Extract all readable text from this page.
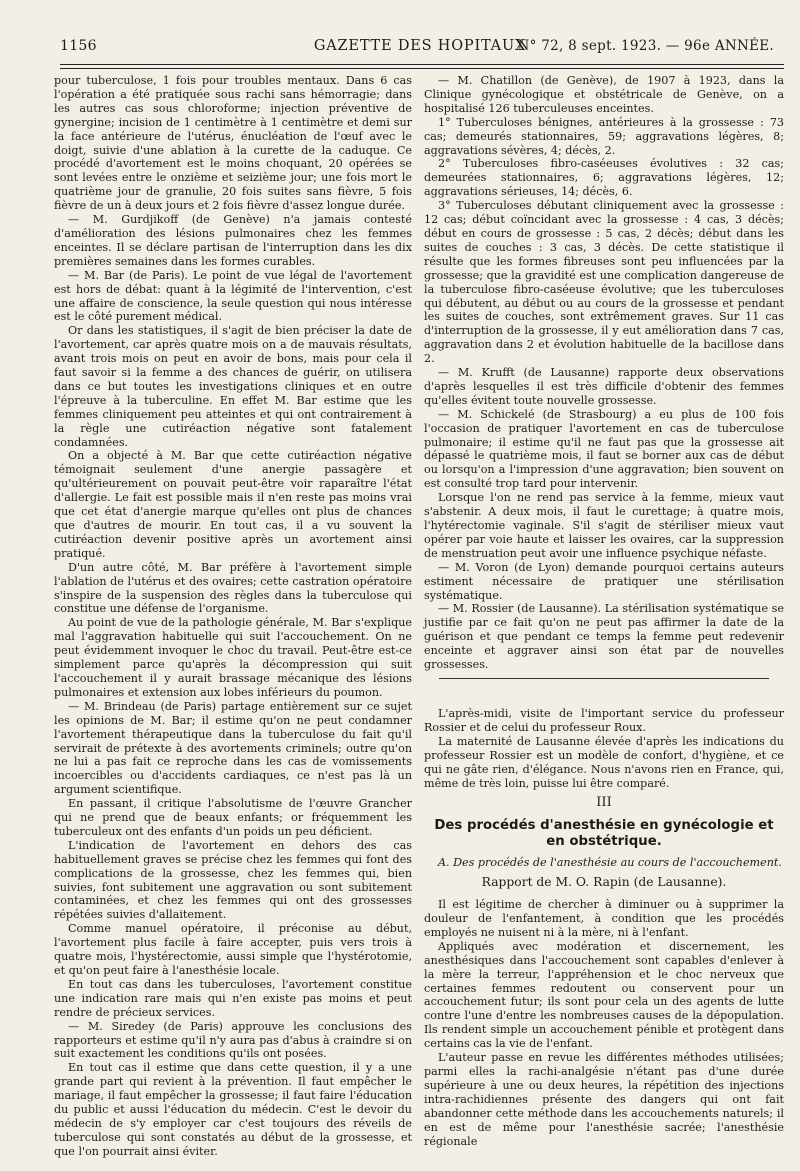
1156	GAZETTE DES HOPITAUX
N° 72, 8 sept. 1923. — 96e ANNÉE.

pour tuberculose, 1 fois pour troubles mentaux. Dans 6 cas l'opération a été pratiquée sous rachi sans hémorragie; dans les autres cas sous chloroforme; injection préventive de gynergine; incision de 1 centimètre à 1 centimètre et demi sur la face antérieure de l'utérus, énucléation de l'œuf avec le doigt, suivie d'une ablation à la curette de la caduque. Ce procédé d'avortement est le moins choquant, 20 opérées se sont levées entre le onzième et seizième jour; une fois mort le quatrième jour de granulie, 20 fois suites sans fièvre, 5 fois fièvre de un à deux jours et 2 fois fièvre d'assez longue durée.

— M. Gurdjikoff (de Genève) n'a jamais contesté d'amélioration des lésions pulmonaires chez les femmes enceintes. Il se déclare partisan de l'interruption dans les dix premières semaines dans les formes curables.

— M. Bar (de Paris). Le point de vue légal de l'avortement est hors de débat: quant à la légimité de l'intervention, c'est une affaire de conscience, la seule question qui nous intéresse est le côté purement médical.

Or dans les statistiques, il s'agit de bien préciser la date de l'avortement, car après quatre mois on a de mauvais résultats, avant trois mois on peut en avoir de bons, mais pour cela il faut savoir si la femme a des chances de guérir, on utilisera dans ce but toutes les investigations cliniques et en outre l'épreuve à la tuberculine. En effet M. Bar estime que les femmes cliniquement peu atteintes et qui ont contrairement à la règle une cutiréaction négative sont fatalement condamnées.

On a objecté à M. Bar que cette cutiréaction négative témoignait seulement d'une anergie passagère et qu'ultérieurement on pouvait peut-être voir raparaître l'état d'allergie. Le fait est possible mais il n'en reste pas moins vrai que cet état d'anergie marque qu'elles ont plus de chances que d'autres de mourir. En tout cas, il a vu souvent la cutiréaction devenir positive après un avortement ainsi pratiqué.

D'un autre côté, M. Bar préfère à l'avortement simple l'ablation de l'utérus et des ovaires; cette castration opératoire s'inspire de la suspension des règles dans la tuberculose qui constitue une défense de l'organisme.

Au point de vue de la pathologie générale, M. Bar s'explique mal l'aggravation habituelle qui suit l'accouchement. On ne peut évidemment invoquer le choc du travail. Peut-être est-ce simplement parce qu'après la décompression qui suit l'accouchement il y aurait brassage mécanique des lésions pulmonaires et extension aux lobes inférieurs du poumon.

— M. Brindeau (de Paris) partage entièrement sur ce sujet les opinions de M. Bar; il estime qu'on ne peut condamner l'avortement thérapeutique dans la tuberculose du fait qu'il servirait de prétexte à des avortements criminels; outre qu'on ne lui a pas fait ce reproche dans les cas de vomissements incoercibles ou d'accidents cardiaques, ce n'est pas là un argument scientifique.

En passant, il critique l'absolutisme de l'œuvre Grancher qui ne prend que de beaux enfants; or fréquemment les tuberculeux ont des enfants d'un poids un peu déficient.

L'indication de l'avortement en dehors des cas habituellement graves se précise chez les femmes qui font des complications de la grossesse, chez les femmes qui, bien suivies, font subitement une aggravation ou sont subitement contaminées, et chez les femmes qui ont des grossesses répétées suivies d'allaitement.

Comme manuel opératoire, il préconise au début, l'avortement plus facile à faire accepter, puis vers trois à quatre mois, l'hystérectomie, aussi simple que l'hystérotomie, et qu'on peut faire à l'anesthésie locale.

En tout cas dans les tuberculoses, l'avortement constitue une indication rare mais qui n'en existe pas moins et peut rendre de précieux services.

— M. Siredey (de Paris) approuve les conclusions des rapporteurs et estime qu'il n'y aura pas d'abus à craindre si on suit exactement les conditions qu'ils ont posées.

En tout cas il estime que dans cette question, il y a une grande part qui revient à la prévention. Il faut empêcher le mariage, il faut empêcher la grossesse; il faut faire l'éducation du public et aussi l'éducation du médecin. C'est le devoir du médecin de s'y employer car c'est toujours des réveils de tuberculose qui sont constatés au début de la grossesse, et que l'on pourrait ainsi éviter.

— M. Chatillon (de Genève), de 1907 à 1923, dans la Clinique gynécologique et obstétricale de Genève, on a hospitalisé 126 tuberculeuses enceintes.

1° Tuberculoses bénignes, antérieures à la grossesse : 73 cas; demeurés stationnaires, 59; aggravations légères, 8; aggravations sévères, 4; décès, 2.

2° Tuberculoses fibro-caséeuses évolutives : 32 cas; demeurées stationnaires, 6; aggravations légères, 12; aggravations sérieuses, 14; décès, 6.

3° Tuberculoses débutant cliniquement avec la grossesse : 12 cas; début coïncidant avec la grossesse : 4 cas, 3 décès; début en cours de grossesse : 5 cas, 2 décès; début dans les suites de couches : 3 cas, 3 décès. De cette statistique il résulte que les formes fibreuses sont peu influencées par la grossesse; que la gravidité est une complication dangereuse de la tuberculose fibro-caséeuse évolutive; que les tuberculoses qui débutent, au début ou au cours de la grossesse et pendant les suites de couches, sont extrêmement graves. Sur 11 cas d'interruption de la grossesse, il y eut amélioration dans 7 cas, aggravation dans 2 et évolution habituelle de la bacillose dans 2.

— M. Krufft (de Lausanne) rapporte deux observations d'après lesquelles il est très difficile d'obtenir des femmes qu'elles évitent toute nouvelle grossesse.

— M. Schickelé (de Strasbourg) a eu plus de 100 fois l'occasion de pratiquer l'avortement en cas de tuberculose pulmonaire; il estime qu'il ne faut pas que la grossesse ait dépassé le quatrième mois, il faut se borner aux cas de début ou lorsqu'on a l'impression d'une aggravation; bien souvent on est consulté trop tard pour intervenir.

Lorsque l'on ne rend pas service à la femme, mieux vaut s'abstenir. A deux mois, il faut le curettage; à quatre mois, l'hytérectomie vaginale. S'il s'agit de stériliser mieux vaut opérer par voie haute et laisser les ovaires, car la suppression de menstruation peut avoir une influence psychique néfaste.

— M. Voron (de Lyon) demande pourquoi certains auteurs estiment nécessaire de pratiquer une stérilisation systématique.

— M. Rossier (de Lausanne). La stérilisation systématique se justifie par ce fait qu'on ne peut pas affirmer la date de la guérison et que pendant ce temps la femme peut redevenir enceinte et aggraver ainsi son état par de nouvelles grossesses.

L'après-midi, visite de l'important service du professeur Rossier et de celui du professeur Roux.

La maternité de Lausanne élevée d'après les indications du professeur Rossier est un modèle de confort, d'hygiène, et ce qui ne gâte rien, d'élégance. Nous n'avons rien en France, qui, même de très loin, puisse lui être comparé.

III
Des procédés d'anesthésie en gynécologie et en obstétrique.

A. Des procédés de l'anesthésie au cours de l'accouchement.

Rapport de M. O. Rapin (de Lausanne).

Il est légitime de chercher à diminuer ou à supprimer la douleur de l'enfantement, à condition que les procédés employés ne nuisent ni à la mère, ni à l'enfant.

Appliqués avec modération et discernement, les anesthésiques dans l'accouchement sont capables d'enlever à la mère la terreur, l'appréhension et le choc nerveux que certaines femmes redoutent ou conservent pour un accouchement futur; ils sont pour cela un des agents de lutte contre l'une d'entre les nombreuses causes de la dépopulation. Ils rendent simple un accouchement pénible et protègent dans certains cas la vie de l'enfant.

L'auteur passe en revue les différentes méthodes utilisées; parmi elles la rachi-analgésie n'étant pas d'une durée supérieure à une ou deux heures, la répétition des injections intra-rachidiennes présente des dangers qui ont fait abandonner cette méthode dans les accouchements naturels; il en est de même pour l'anesthésie sacrée; l'anesthésie régionale
